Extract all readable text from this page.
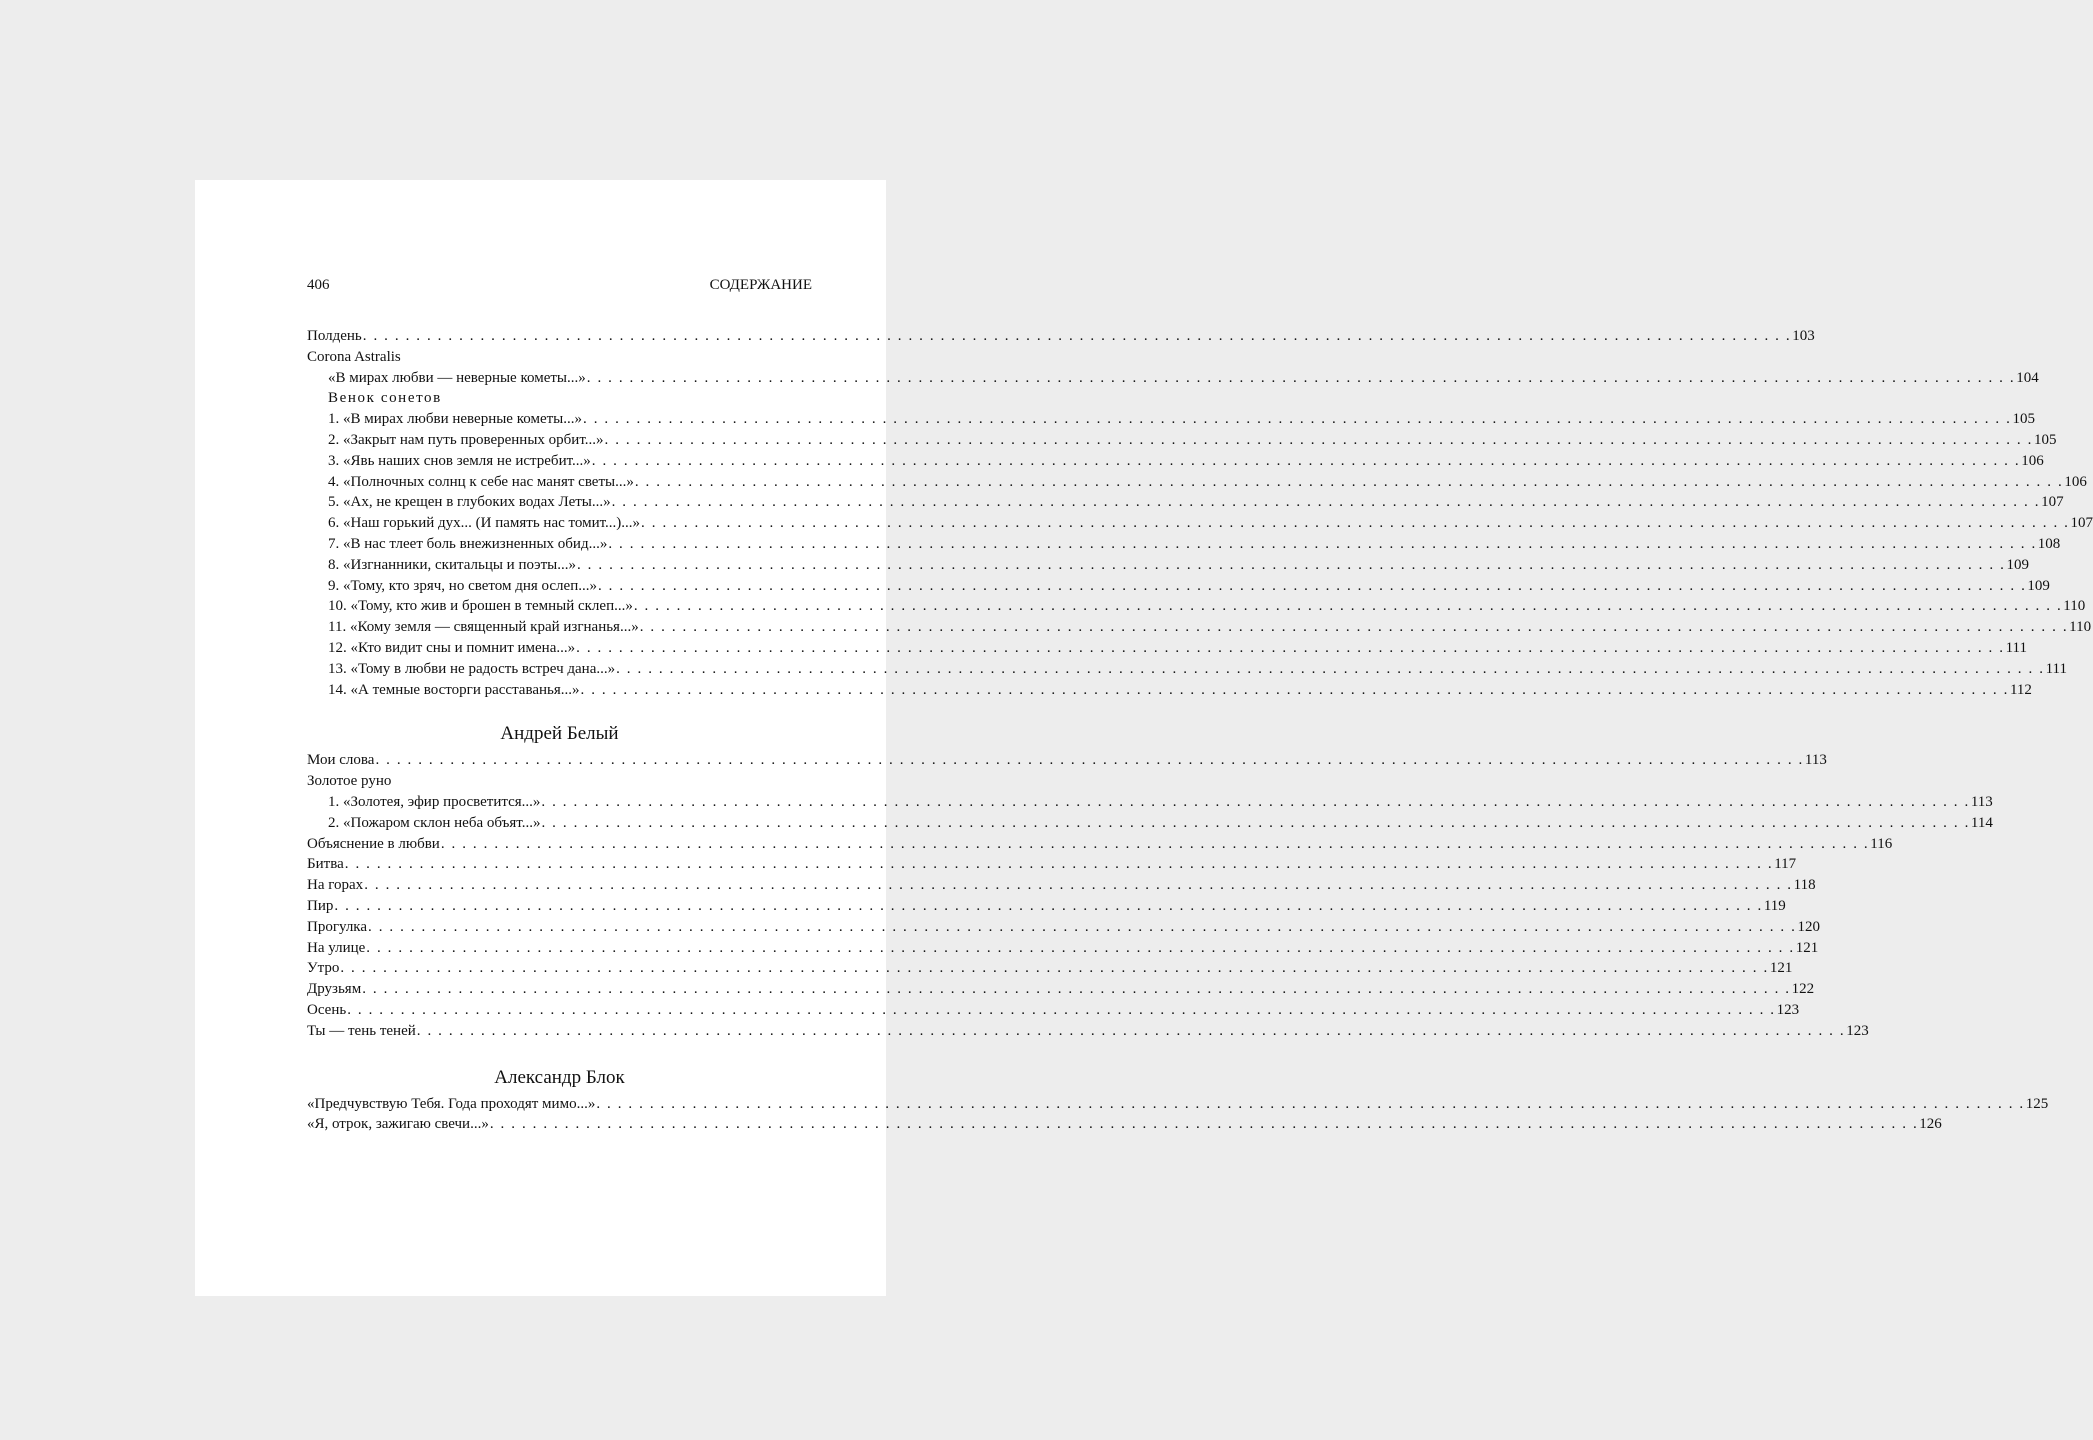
406	СОДЕРЖАНИЕ
Полдень . . . . . . . . . . . . . . . . . . . . . . . . . . . . . . . . . . . . . . . . . . . . . . . . . . . . . . . . . . . . . . . . . . . . . . . . . . . . . . . . . . . . . . . . . . . . . . . . . . . . . . . . . . . . . . . . . . . . . . . . . . . . . . . . . . . . . . 103
Corona Astralis
«В мирах любви — неверные кометы...» . . . . . . . . . . . . . . . . . . . . . . . . . . . . . . . . . . . . . . . . . . . . . . . . . . . . . . . . . . . . . . . . . . . . . . . . . . . . . . . . . . . . . . . . . . . . . . . . . . . . . . . . . . . . . . . . . . . . . . . . . . . . . . . . . . . . . . 104
Венок сонетов
1. «В мирах любви неверные кометы...» . . . . . . . . . . . . . . . . . . . . . . . . . . . . . . . . . . . . . . . . . . . . . . . . . . . . . . . . . . . . . . . . . . . . . . . . . . . . . . . . . . . . . . . . . . . . . . . . . . . . . . . . . . . . . . . . . . . . . . . . . . . . . . . . . . . . . . 105
2. «Закрыт нам путь проверенных орбит...» . . . . . . . . . . . . . . . . . . . . . . . . . . . . . . . . . . . . . . . . . . . . . . . . . . . . . . . . . . . . . . . . . . . . . . . . . . . . . . . . . . . . . . . . . . . . . . . . . . . . . . . . . . . . . . . . . . . . . . . . . . . . . . . . . . . . . . 105
3. «Явь наших снов земля не истребит...» . . . . . . . . . . . . . . . . . . . . . . . . . . . . . . . . . . . . . . . . . . . . . . . . . . . . . . . . . . . . . . . . . . . . . . . . . . . . . . . . . . . . . . . . . . . . . . . . . . . . . . . . . . . . . . . . . . . . . . . . . . . . . . . . . . . . . . 106
4. «Полночных солнц к себе нас манят светы...» . . . . . . . . . . . . . . . . . . . . . . . . . . . . . . . . . . . . . . . . . . . . . . . . . . . . . . . . . . . . . . . . . . . . . . . . . . . . . . . . . . . . . . . . . . . . . . . . . . . . . . . . . . . . . . . . . . . . . . . . . . . . . . . . . . . . . . 106
5. «Ах, не крещен в глубоких водах Леты...» . . . . . . . . . . . . . . . . . . . . . . . . . . . . . . . . . . . . . . . . . . . . . . . . . . . . . . . . . . . . . . . . . . . . . . . . . . . . . . . . . . . . . . . . . . . . . . . . . . . . . . . . . . . . . . . . . . . . . . . . . . . . . . . . . . . . . . 107
6. «Наш горький дух... (И память нас томит...)...» . . . . . . . . . . . . . . . . . . . . . . . . . . . . . . . . . . . . . . . . . . . . . . . . . . . . . . . . . . . . . . . . . . . . . . . . . . . . . . . . . . . . . . . . . . . . . . . . . . . . . . . . . . . . . . . . . . . . . . . . . . . . . . . . . . . . . . 107
7. «В нас тлеет боль внежизненных обид...» . . . . . . . . . . . . . . . . . . . . . . . . . . . . . . . . . . . . . . . . . . . . . . . . . . . . . . . . . . . . . . . . . . . . . . . . . . . . . . . . . . . . . . . . . . . . . . . . . . . . . . . . . . . . . . . . . . . . . . . . . . . . . . . . . . . . . . 108
8. «Изгнанники, скитальцы и поэты...» . . . . . . . . . . . . . . . . . . . . . . . . . . . . . . . . . . . . . . . . . . . . . . . . . . . . . . . . . . . . . . . . . . . . . . . . . . . . . . . . . . . . . . . . . . . . . . . . . . . . . . . . . . . . . . . . . . . . . . . . . . . . . . . . . . . . . . 109
9. «Тому, кто зряч, но светом дня ослеп...» . . . . . . . . . . . . . . . . . . . . . . . . . . . . . . . . . . . . . . . . . . . . . . . . . . . . . . . . . . . . . . . . . . . . . . . . . . . . . . . . . . . . . . . . . . . . . . . . . . . . . . . . . . . . . . . . . . . . . . . . . . . . . . . . . . . . . . 109
10. «Тому, кто жив и брошен в темный склеп...» . . . . . . . . . . . . . . . . . . . . . . . . . . . . . . . . . . . . . . . . . . . . . . . . . . . . . . . . . . . . . . . . . . . . . . . . . . . . . . . . . . . . . . . . . . . . . . . . . . . . . . . . . . . . . . . . . . . . . . . . . . . . . . . . . . . . . . 110
11. «Кому земля — священный край изгнанья...» . . . . . . . . . . . . . . . . . . . . . . . . . . . . . . . . . . . . . . . . . . . . . . . . . . . . . . . . . . . . . . . . . . . . . . . . . . . . . . . . . . . . . . . . . . . . . . . . . . . . . . . . . . . . . . . . . . . . . . . . . . . . . . . . . . . . . . 110
12. «Кто видит сны и помнит имена...» . . . . . . . . . . . . . . . . . . . . . . . . . . . . . . . . . . . . . . . . . . . . . . . . . . . . . . . . . . . . . . . . . . . . . . . . . . . . . . . . . . . . . . . . . . . . . . . . . . . . . . . . . . . . . . . . . . . . . . . . . . . . . . . . . . . . . . 111
13. «Тому в любви не радость встреч дана...» . . . . . . . . . . . . . . . . . . . . . . . . . . . . . . . . . . . . . . . . . . . . . . . . . . . . . . . . . . . . . . . . . . . . . . . . . . . . . . . . . . . . . . . . . . . . . . . . . . . . . . . . . . . . . . . . . . . . . . . . . . . . . . . . . . . . . . 111
14. «А темные восторги расставанья...» . . . . . . . . . . . . . . . . . . . . . . . . . . . . . . . . . . . . . . . . . . . . . . . . . . . . . . . . . . . . . . . . . . . . . . . . . . . . . . . . . . . . . . . . . . . . . . . . . . . . . . . . . . . . . . . . . . . . . . . . . . . . . . . . . . . . . . 112
Андрей Белый
Мои слова . . . . . . . . . . . . . . . . . . . . . . . . . . . . . . . . . . . . . . . . . . . . . . . . . . . . . . . . . . . . . . . . . . . . . . . . . . . . . . . . . . . . . . . . . . . . . . . . . . . . . . . . . . . . . . . . . . . . . . . . . . . . . . . . . . . . . . 113
Золотое руно
1. «Золотея, эфир просветится...» . . . . . . . . . . . . . . . . . . . . . . . . . . . . . . . . . . . . . . . . . . . . . . . . . . . . . . . . . . . . . . . . . . . . . . . . . . . . . . . . . . . . . . . . . . . . . . . . . . . . . . . . . . . . . . . . . . . . . . . . . . . . . . . . . . . . . . 113
2. «Пожаром склон неба объят...» . . . . . . . . . . . . . . . . . . . . . . . . . . . . . . . . . . . . . . . . . . . . . . . . . . . . . . . . . . . . . . . . . . . . . . . . . . . . . . . . . . . . . . . . . . . . . . . . . . . . . . . . . . . . . . . . . . . . . . . . . . . . . . . . . . . . . . 114
Объяснение в любви . . . . . . . . . . . . . . . . . . . . . . . . . . . . . . . . . . . . . . . . . . . . . . . . . . . . . . . . . . . . . . . . . . . . . . . . . . . . . . . . . . . . . . . . . . . . . . . . . . . . . . . . . . . . . . . . . . . . . . . . . . . . . . . . . . . . . . 116
Битва . . . . . . . . . . . . . . . . . . . . . . . . . . . . . . . . . . . . . . . . . . . . . . . . . . . . . . . . . . . . . . . . . . . . . . . . . . . . . . . . . . . . . . . . . . . . . . . . . . . . . . . . . . . . . . . . . . . . . . . . . . . . . . . . . . . . . . 117
На горах . . . . . . . . . . . . . . . . . . . . . . . . . . . . . . . . . . . . . . . . . . . . . . . . . . . . . . . . . . . . . . . . . . . . . . . . . . . . . . . . . . . . . . . . . . . . . . . . . . . . . . . . . . . . . . . . . . . . . . . . . . . . . . . . . . . . . . 118
Пир . . . . . . . . . . . . . . . . . . . . . . . . . . . . . . . . . . . . . . . . . . . . . . . . . . . . . . . . . . . . . . . . . . . . . . . . . . . . . . . . . . . . . . . . . . . . . . . . . . . . . . . . . . . . . . . . . . . . . . . . . . . . . . . . . . . . . . 119
Прогулка . . . . . . . . . . . . . . . . . . . . . . . . . . . . . . . . . . . . . . . . . . . . . . . . . . . . . . . . . . . . . . . . . . . . . . . . . . . . . . . . . . . . . . . . . . . . . . . . . . . . . . . . . . . . . . . . . . . . . . . . . . . . . . . . . . . . . . 120
На улице . . . . . . . . . . . . . . . . . . . . . . . . . . . . . . . . . . . . . . . . . . . . . . . . . . . . . . . . . . . . . . . . . . . . . . . . . . . . . . . . . . . . . . . . . . . . . . . . . . . . . . . . . . . . . . . . . . . . . . . . . . . . . . . . . . . . . . 121
Утро . . . . . . . . . . . . . . . . . . . . . . . . . . . . . . . . . . . . . . . . . . . . . . . . . . . . . . . . . . . . . . . . . . . . . . . . . . . . . . . . . . . . . . . . . . . . . . . . . . . . . . . . . . . . . . . . . . . . . . . . . . . . . . . . . . . . . . 121
Друзьям . . . . . . . . . . . . . . . . . . . . . . . . . . . . . . . . . . . . . . . . . . . . . . . . . . . . . . . . . . . . . . . . . . . . . . . . . . . . . . . . . . . . . . . . . . . . . . . . . . . . . . . . . . . . . . . . . . . . . . . . . . . . . . . . . . . . . . 122
Осень . . . . . . . . . . . . . . . . . . . . . . . . . . . . . . . . . . . . . . . . . . . . . . . . . . . . . . . . . . . . . . . . . . . . . . . . . . . . . . . . . . . . . . . . . . . . . . . . . . . . . . . . . . . . . . . . . . . . . . . . . . . . . . . . . . . . . . 123
Ты — тень теней . . . . . . . . . . . . . . . . . . . . . . . . . . . . . . . . . . . . . . . . . . . . . . . . . . . . . . . . . . . . . . . . . . . . . . . . . . . . . . . . . . . . . . . . . . . . . . . . . . . . . . . . . . . . . . . . . . . . . . . . . . . . . . . . . . . . . . 123
Александр Блок
«Предчувствую Тебя. Года проходят мимо...» . . . . . . . . . . . . . . . . . . . . . . . . . . . . . . . . . . . . . . . . . . . . . . . . . . . . . . . . . . . . . . . . . . . . . . . . . . . . . . . . . . . . . . . . . . . . . . . . . . . . . . . . . . . . . . . . . . . . . . . . . . . . . . . . . . . . . . 125
«Я, отрок, зажигаю свечи...» . . . . . . . . . . . . . . . . . . . . . . . . . . . . . . . . . . . . . . . . . . . . . . . . . . . . . . . . . . . . . . . . . . . . . . . . . . . . . . . . . . . . . . . . . . . . . . . . . . . . . . . . . . . . . . . . . . . . . . . . . . . . . . . . . . . . . . 126
